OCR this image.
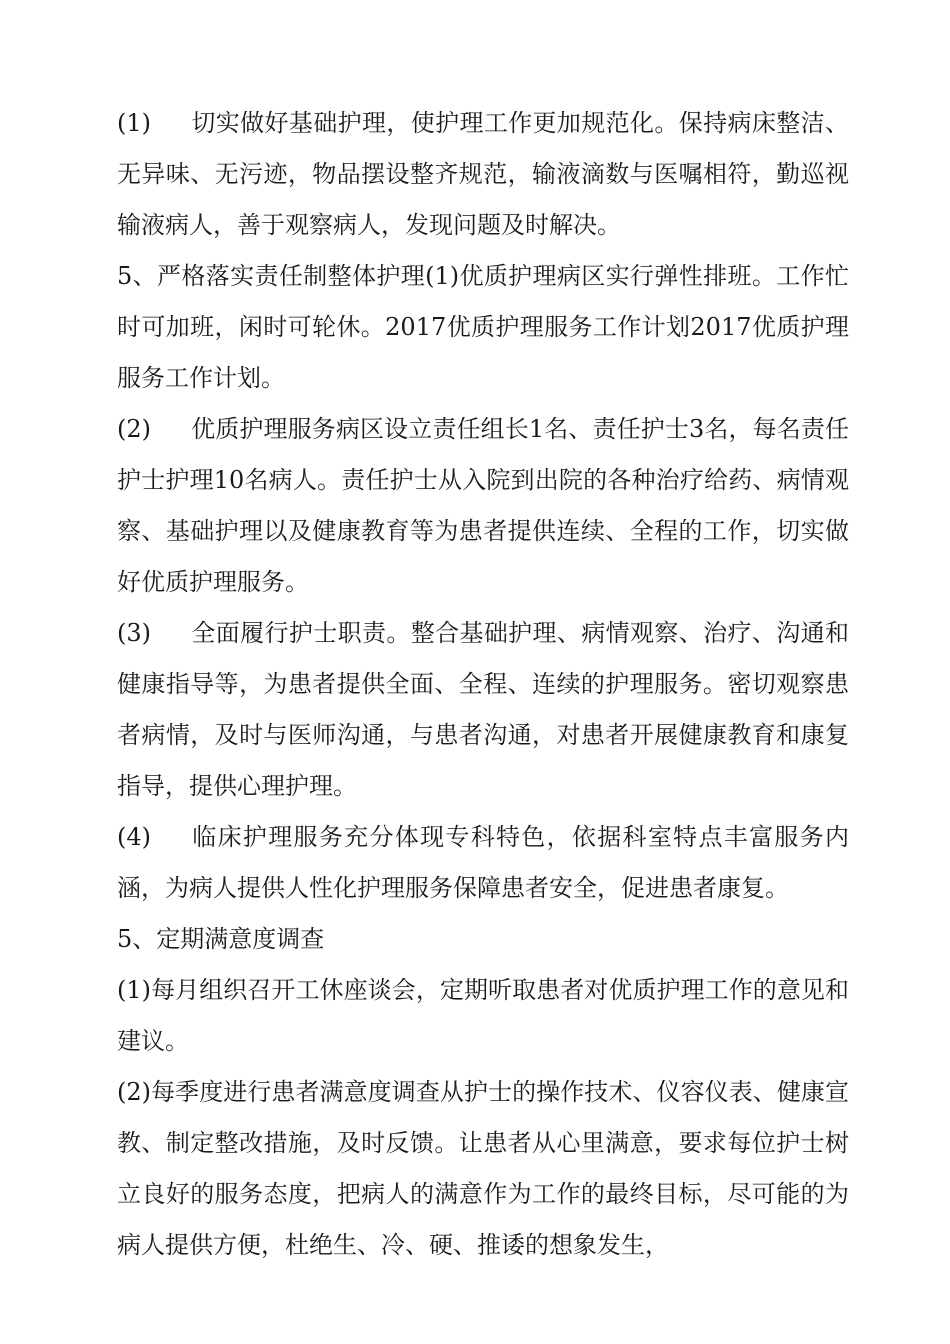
(1) 切实做好基础护理，使护理工作更加规范化。保持病床整洁、无异味、无污迹，物品摆设整齐规范，输液滴数与医嘱相符，勤巡视输液病人，善于观察病人，发现问题及时解决。

5、严格落实责任制整体护理(1)优质护理病区实行弹性排班。工作忙时可加班，闲时可轮休。2017优质护理服务工作计划2017优质护理服务工作计划。

(2) 优质护理服务病区设立责任组长1名、责任护士3名，每名责任护士护理10名病人。责任护士从入院到出院的各种治疗给药、病情观察、基础护理以及健康教育等为患者提供连续、全程的工作，切实做好优质护理服务。

(3) 全面履行护士职责。整合基础护理、病情观察、治疗、沟通和健康指导等，为患者提供全面、全程、连续的护理服务。密切观察患者病情，及时与医师沟通，与患者沟通，对患者开展健康教育和康复指导，提供心理护理。

(4) 临床护理服务充分体现专科特色，依据科室特点丰富服务内涵，为病人提供人性化护理服务保障患者安全，促进患者康复。

5、定期满意度调查

(1)每月组织召开工休座谈会，定期听取患者对优质护理工作的意见和建议。

(2)每季度进行患者满意度调查从护士的操作技术、仪容仪表、健康宣教、制定整改措施，及时反馈。让患者从心里满意，要求每位护士树立良好的服务态度，把病人的满意作为工作的最终目标，尽可能的为病人提供方便，杜绝生、冷、硬、推诿的想象发生，
